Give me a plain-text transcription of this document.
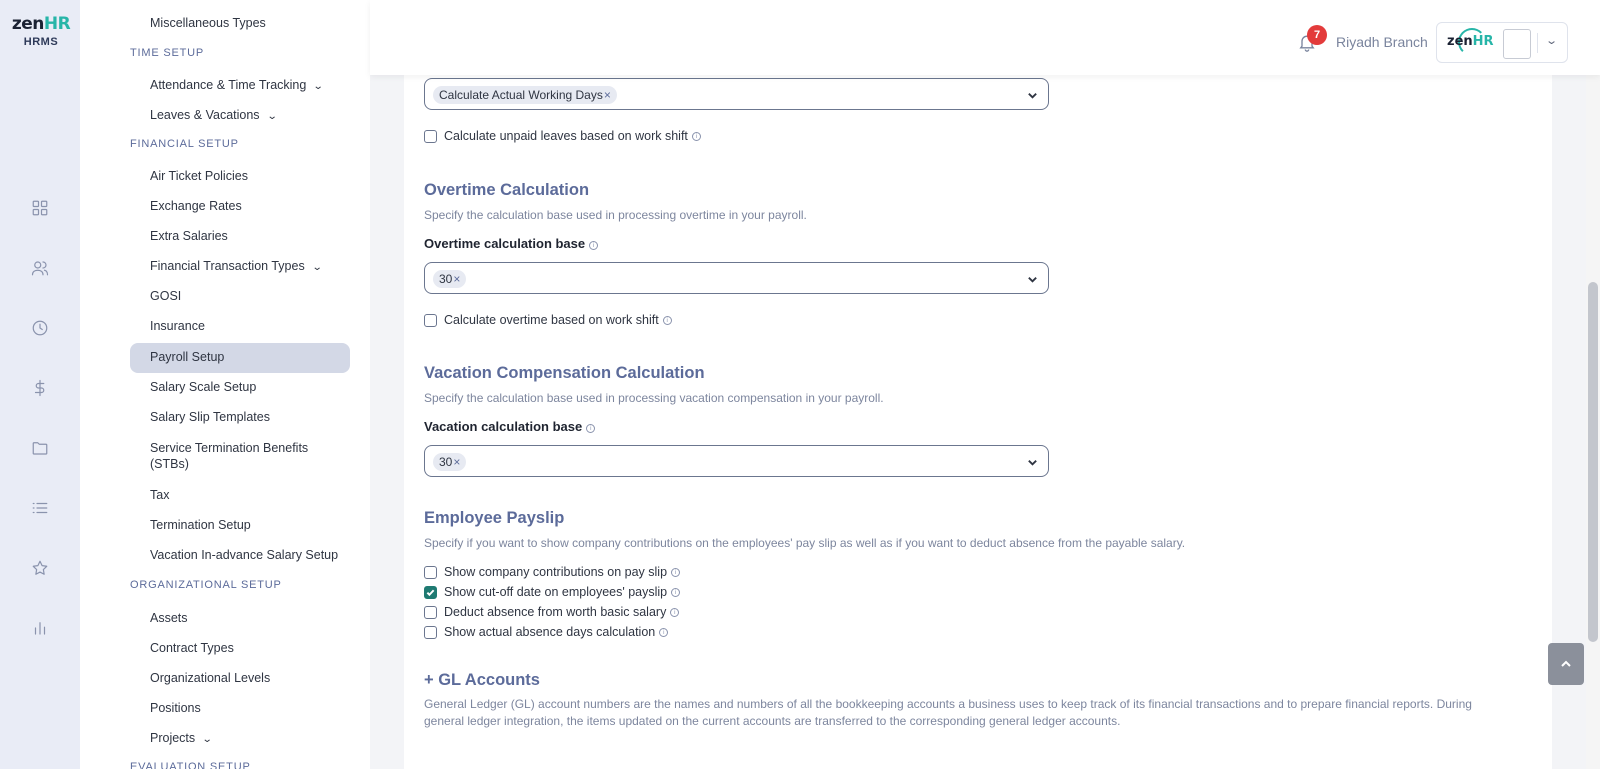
zenHR
HRMS
Miscellaneous Types
TIME SETUP
Attendance & Time Tracking ⌄
Leaves & Vacations ⌄
FINANCIAL SETUP
Air Ticket Policies
Exchange Rates
Extra Salaries
Financial Transaction Types ⌄
GOSI
Insurance
Payroll Setup
Salary Scale Setup
Salary Slip Templates
Service Termination Benefits
(STBs)
Tax
Termination Setup
Vacation In-advance Salary Setup
ORGANIZATIONAL SETUP
Assets
Contract Types
Organizational Levels
Positions
Projects ⌄
EVALUATION SETUP
Calculate Actual Working Days×
Calculate unpaid leaves based on work shift	i
Overtime Calculation
Specify the calculation base used in processing overtime in your payroll.
Overtime calculation base i
30×
Calculate overtime based on work shift	i
Vacation Compensation Calculation
Specify the calculation base used in processing vacation compensation in your payroll.
Vacation calculation base i
30×
Employee Payslip
Specify if you want to show company contributions on the employees' pay slip as well as if you want to deduct absence from the payable salary.
Show company contributions on pay slip	i
Show cut-off date on employees' payslip	i
Deduct absence from worth basic salary	i
Show actual absence days calculation	i
+ GL Accounts
General Ledger (GL) account numbers are the names and numbers of all the bookkeeping accounts a business uses to keep track of its financial transactions and to prepare financial reports. During general ledger integration, the items updated on the current accounts are transferred to the corresponding general ledger accounts.
7	Riyadh Branch zenHR	⌄
